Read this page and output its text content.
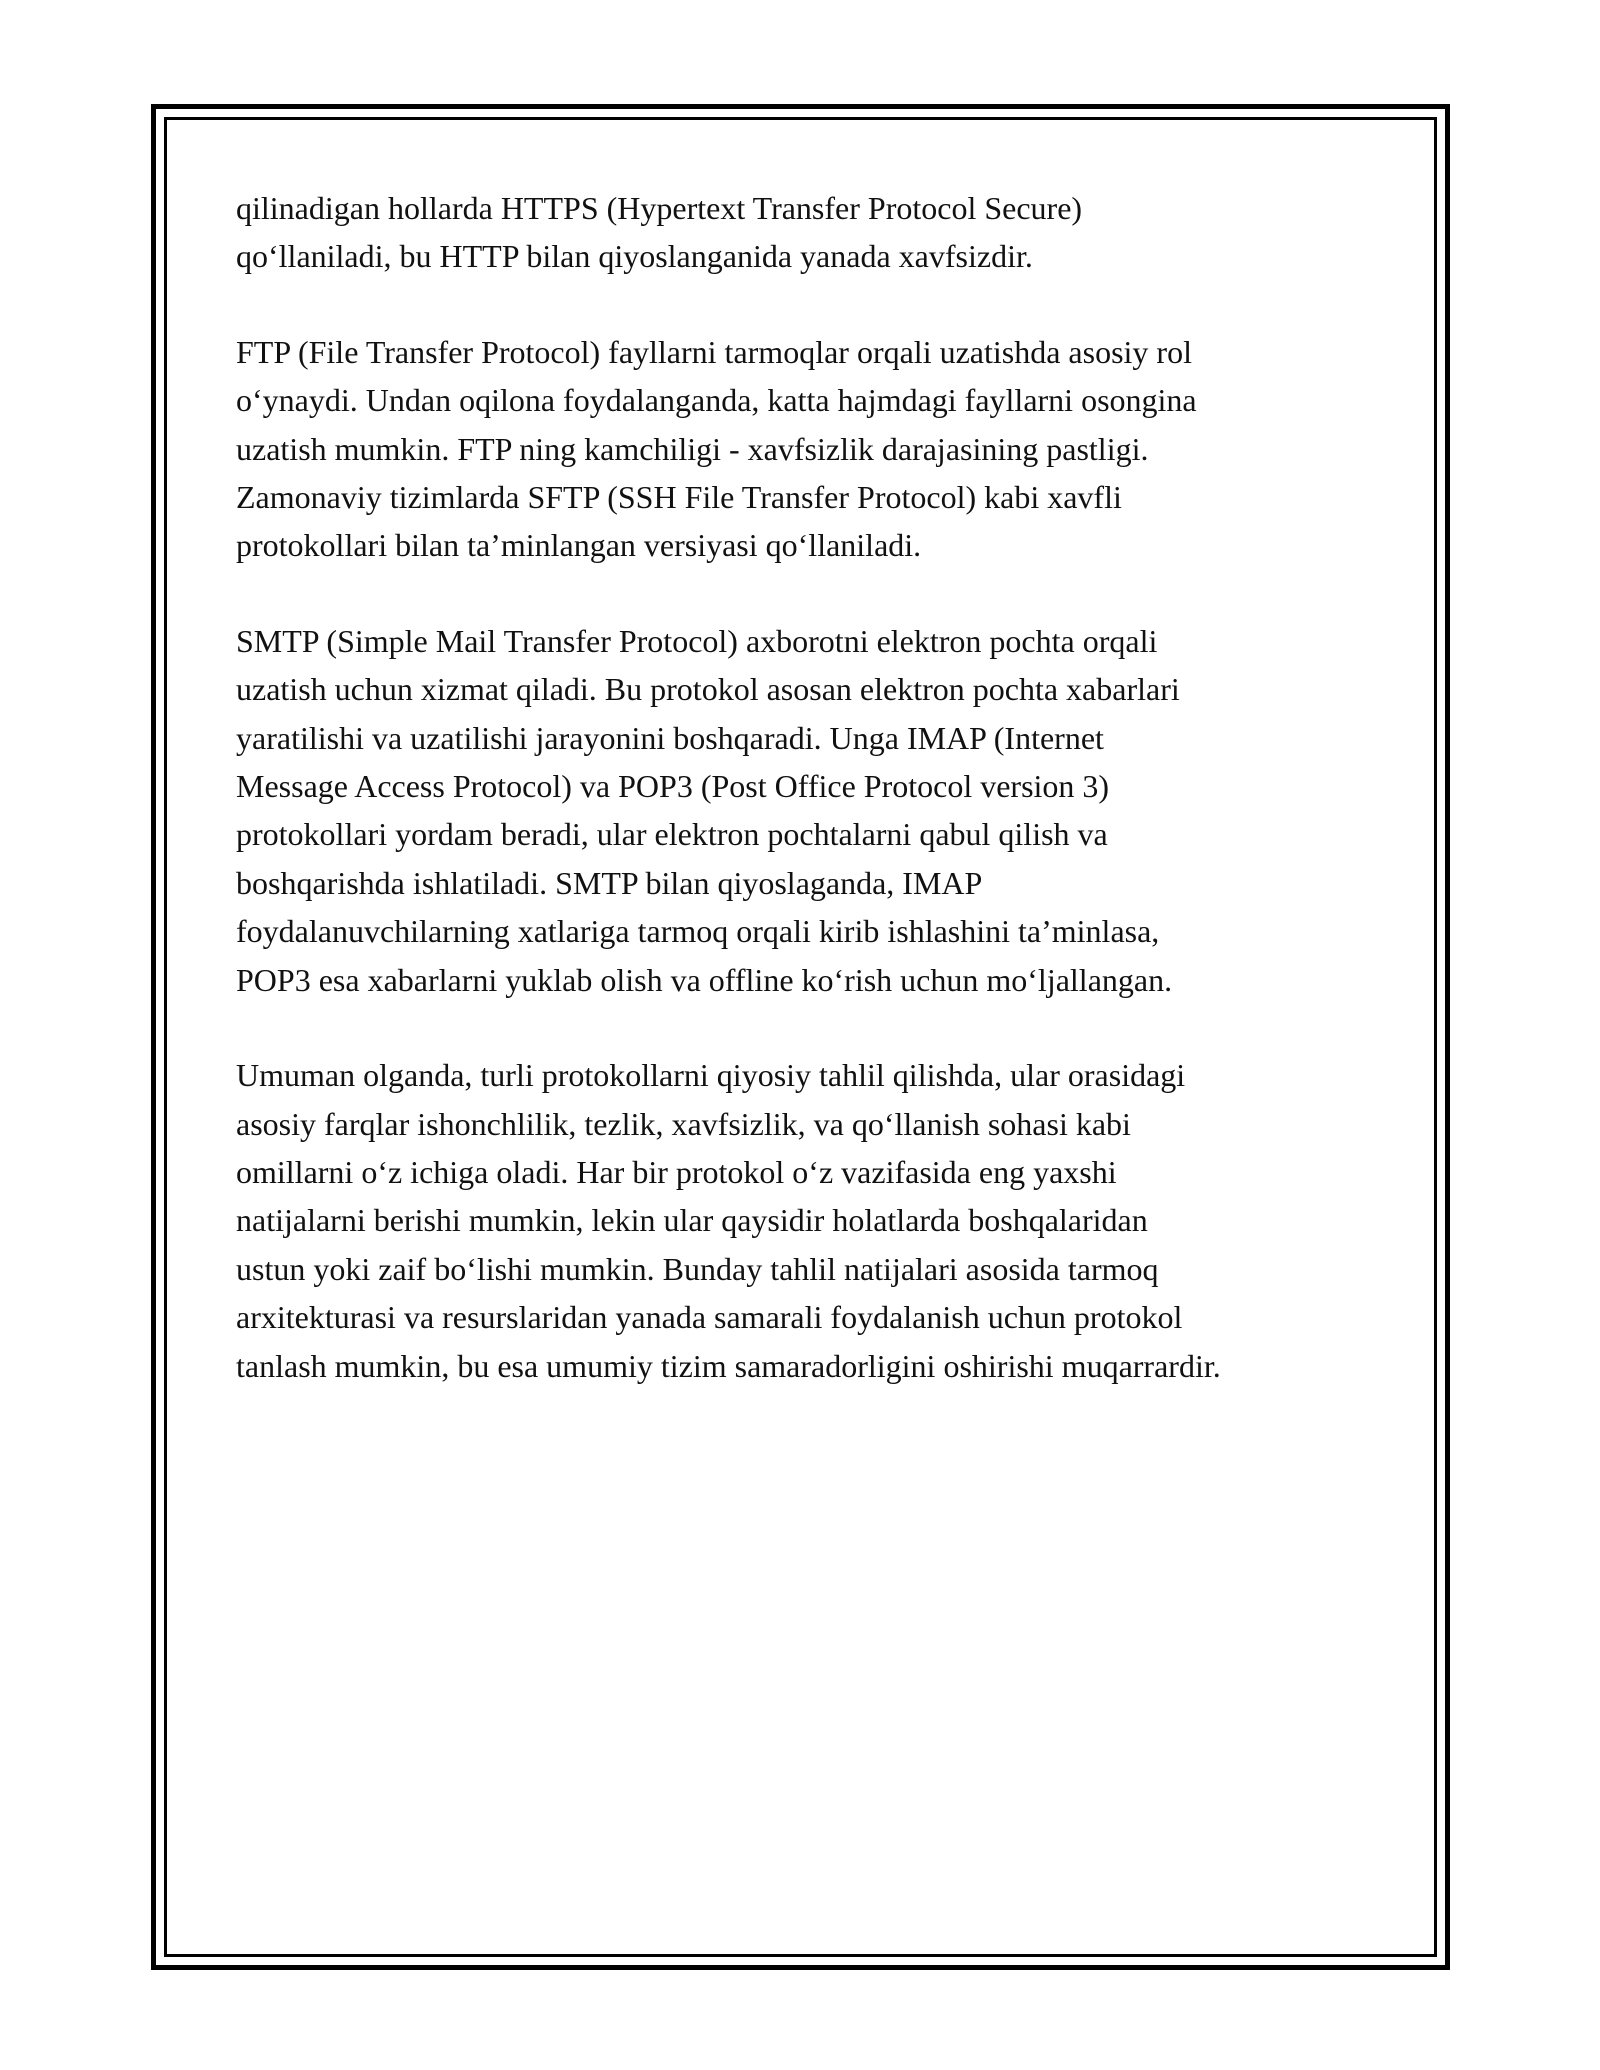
qilinadigan hollarda HTTPS (Hypertext Transfer Protocol Secure)
qo‘llaniladi, bu HTTP bilan qiyoslanganida yanada xavfsizdir.

FTP (File Transfer Protocol) fayllarni tarmoqlar orqali uzatishda asosiy rol
o‘ynaydi. Undan oqilona foydalanganda, katta hajmdagi fayllarni osongina
uzatish mumkin. FTP ning kamchiligi - xavfsizlik darajasining pastligi.
Zamonaviy tizimlarda SFTP (SSH File Transfer Protocol) kabi xavfli
protokollari bilan ta’minlangan versiyasi qo‘llaniladi.

SMTP (Simple Mail Transfer Protocol) axborotni elektron pochta orqali
uzatish uchun xizmat qiladi. Bu protokol asosan elektron pochta xabarlari
yaratilishi va uzatilishi jarayonini boshqaradi. Unga IMAP (Internet
Message Access Protocol) va POP3 (Post Office Protocol version 3)
protokollari yordam beradi, ular elektron pochtalarni qabul qilish va
boshqarishda ishlatiladi. SMTP bilan qiyoslaganda, IMAP
foydalanuvchilarning xatlariga tarmoq orqali kirib ishlashini ta’minlasa,
POP3 esa xabarlarni yuklab olish va offline ko‘rish uchun mo‘ljallangan.

Umuman olganda, turli protokollarni qiyosiy tahlil qilishda, ular orasidagi
asosiy farqlar ishonchlilik, tezlik, xavfsizlik, va qo‘llanish sohasi kabi
omillarni o‘z ichiga oladi. Har bir protokol o‘z vazifasida eng yaxshi
natijalarni berishi mumkin, lekin ular qaysidir holatlarda boshqalaridan
ustun yoki zaif bo‘lishi mumkin. Bunday tahlil natijalari asosida tarmoq
arxitekturasi va resurslaridan yanada samarali foydalanish uchun protokol
tanlash mumkin, bu esa umumiy tizim samaradorligini oshirishi muqarrardir.
